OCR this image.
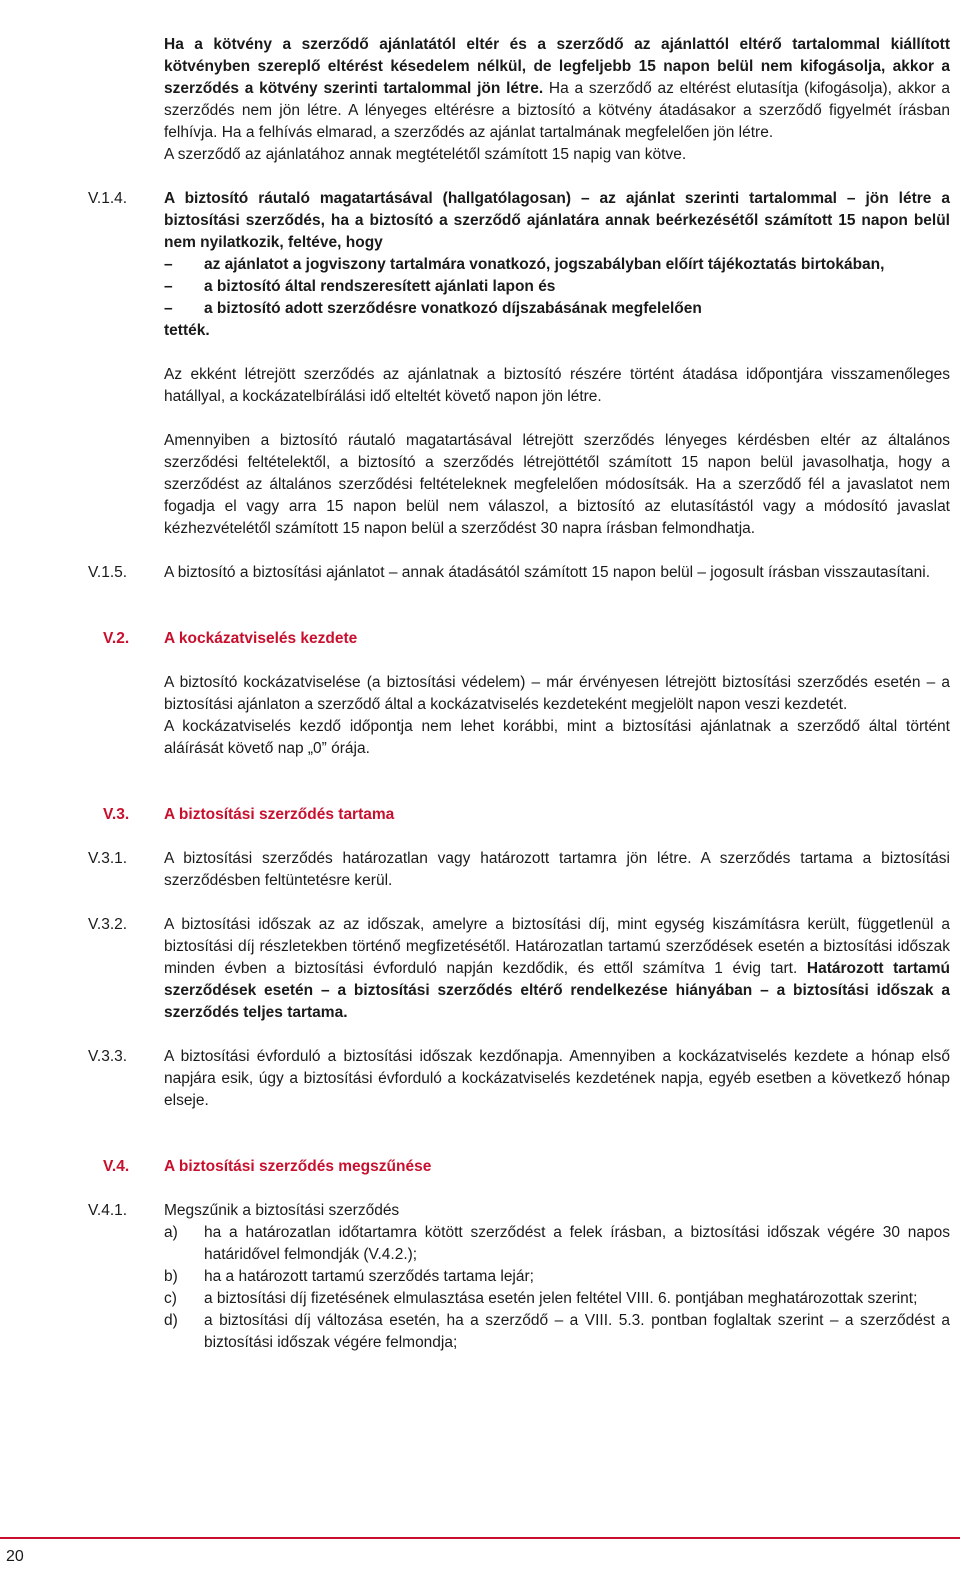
Ha a kötvény a szerződő ajánlatától eltér és a szerződő az ajánlattól eltérő tartalommal kiállított kötvényben szereplő eltérést késedelem nélkül, de legfeljebb 15 napon belül nem kifogásolja, akkor a szerződés a kötvény szerinti tartalommal jön létre. Ha a szerződő az eltérést elutasítja (kifogásolja), akkor a szerződés nem jön létre. A lényeges eltérésre a biztosító a kötvény átadásakor a szerződő figyelmét írásban felhívja. Ha a felhívás elmarad, a szerződés az ajánlat tartalmának megfelelően jön létre.

A szerződő az ajánlatához annak megtételétől számított 15 napig van kötve.

V.1.4.	A biztosító ráutaló magatartásával (hallgatólagosan) – az ajánlat szerinti tartalommal – jön létre a biztosítási szerződés, ha a biztosító a szerződő ajánlatára annak beérkezésétől számított 15 napon belül nem nyilatkozik, feltéve, hogy

– az ajánlatot a jogviszony tartalmára vonatkozó, jogszabályban előírt tájékoztatás birtokában,
– a biztosító által rendszeresített ajánlati lapon és
– a biztosító adott szerződésre vonatkozó díjszabásának megfelelően

tették.

Az ekként létrejött szerződés az ajánlatnak a biztosító részére történt átadása időpontjára visszamenőleges hatállyal, a kockázatelbírálási idő elteltét követő napon jön létre.

Amennyiben a biztosító ráutaló magatartásával létrejött szerződés lényeges kérdésben eltér az általános szerződési feltételektől, a biztosító a szerződés létrejöttétől számított 15 napon belül javasolhatja, hogy a szerződést az általános szerződési feltételeknek megfelelően módosítsák. Ha a szerződő fél a javaslatot nem fogadja el vagy arra 15 napon belül nem válaszol, a biztosító az elutasítástól vagy a módosító javaslat kézhezvételétől számított 15 napon belül a szerződést 30 napra írásban felmondhatja.

V.1.5.	A biztosító a biztosítási ajánlatot – annak átadásától számított 15 napon belül – jogosult írásban visszautasítani.

V.2.	A kockázatviselés kezdete

A biztosító kockázatviselése (a biztosítási védelem) – már érvényesen létrejött biztosítási szerződés esetén – a biztosítási ajánlaton a szerződő által a kockázatviselés kezdeteként megjelölt napon veszi kezdetét.

A kockázatviselés kezdő időpontja nem lehet korábbi, mint a biztosítási ajánlatnak a szerződő által történt aláírását követő nap „0” órája.

V.3.	A biztosítási szerződés tartama
V.3.1.	A biztosítási szerződés határozatlan vagy határozott tartamra jön létre. A szerződés tartama a biztosítási szerződésben feltüntetésre kerül.

V.3.2.	A biztosítási időszak az az időszak, amelyre a biztosítási díj, mint egység kiszámításra került, függetlenül a biztosítási díj részletekben történő megfizetésétől. Határozatlan tartamú szerződések esetén a biztosítási időszak minden évben a biztosítási évforduló napján kezdődik, és ettől számítva 1 évig tart. Határozott tartamú szerződések esetén – a biztosítási szerződés eltérő rendelkezése hiányában – a biztosítási időszak a szerződés teljes tartama.

V.3.3.	A biztosítási évforduló a biztosítási időszak kezdőnapja. Amennyiben a kockázatviselés kezdete a hónap első napjára esik, úgy a biztosítási évforduló a kockázatviselés kezdetének napja, egyéb esetben a következő hónap elseje.

V.4.	A biztosítási szerződés megszűnése
V.4.1.	Megszűnik a biztosítási szerződés

a) ha a határozatlan időtartamra kötött szerződést a felek írásban, a biztosítási időszak végére 30 napos határidővel felmondják (V.4.2.);
b) ha a határozott tartamú szerződés tartama lejár;
c) a biztosítási díj fizetésének elmulasztása esetén jelen feltétel VIII. 6. pontjában meghatározottak szerint;
d) a biztosítási díj változása esetén, ha a szerződő – a VIII. 5.3. pontban foglaltak szerint – a szerződést a biztosítási időszak végére felmondja;
20
